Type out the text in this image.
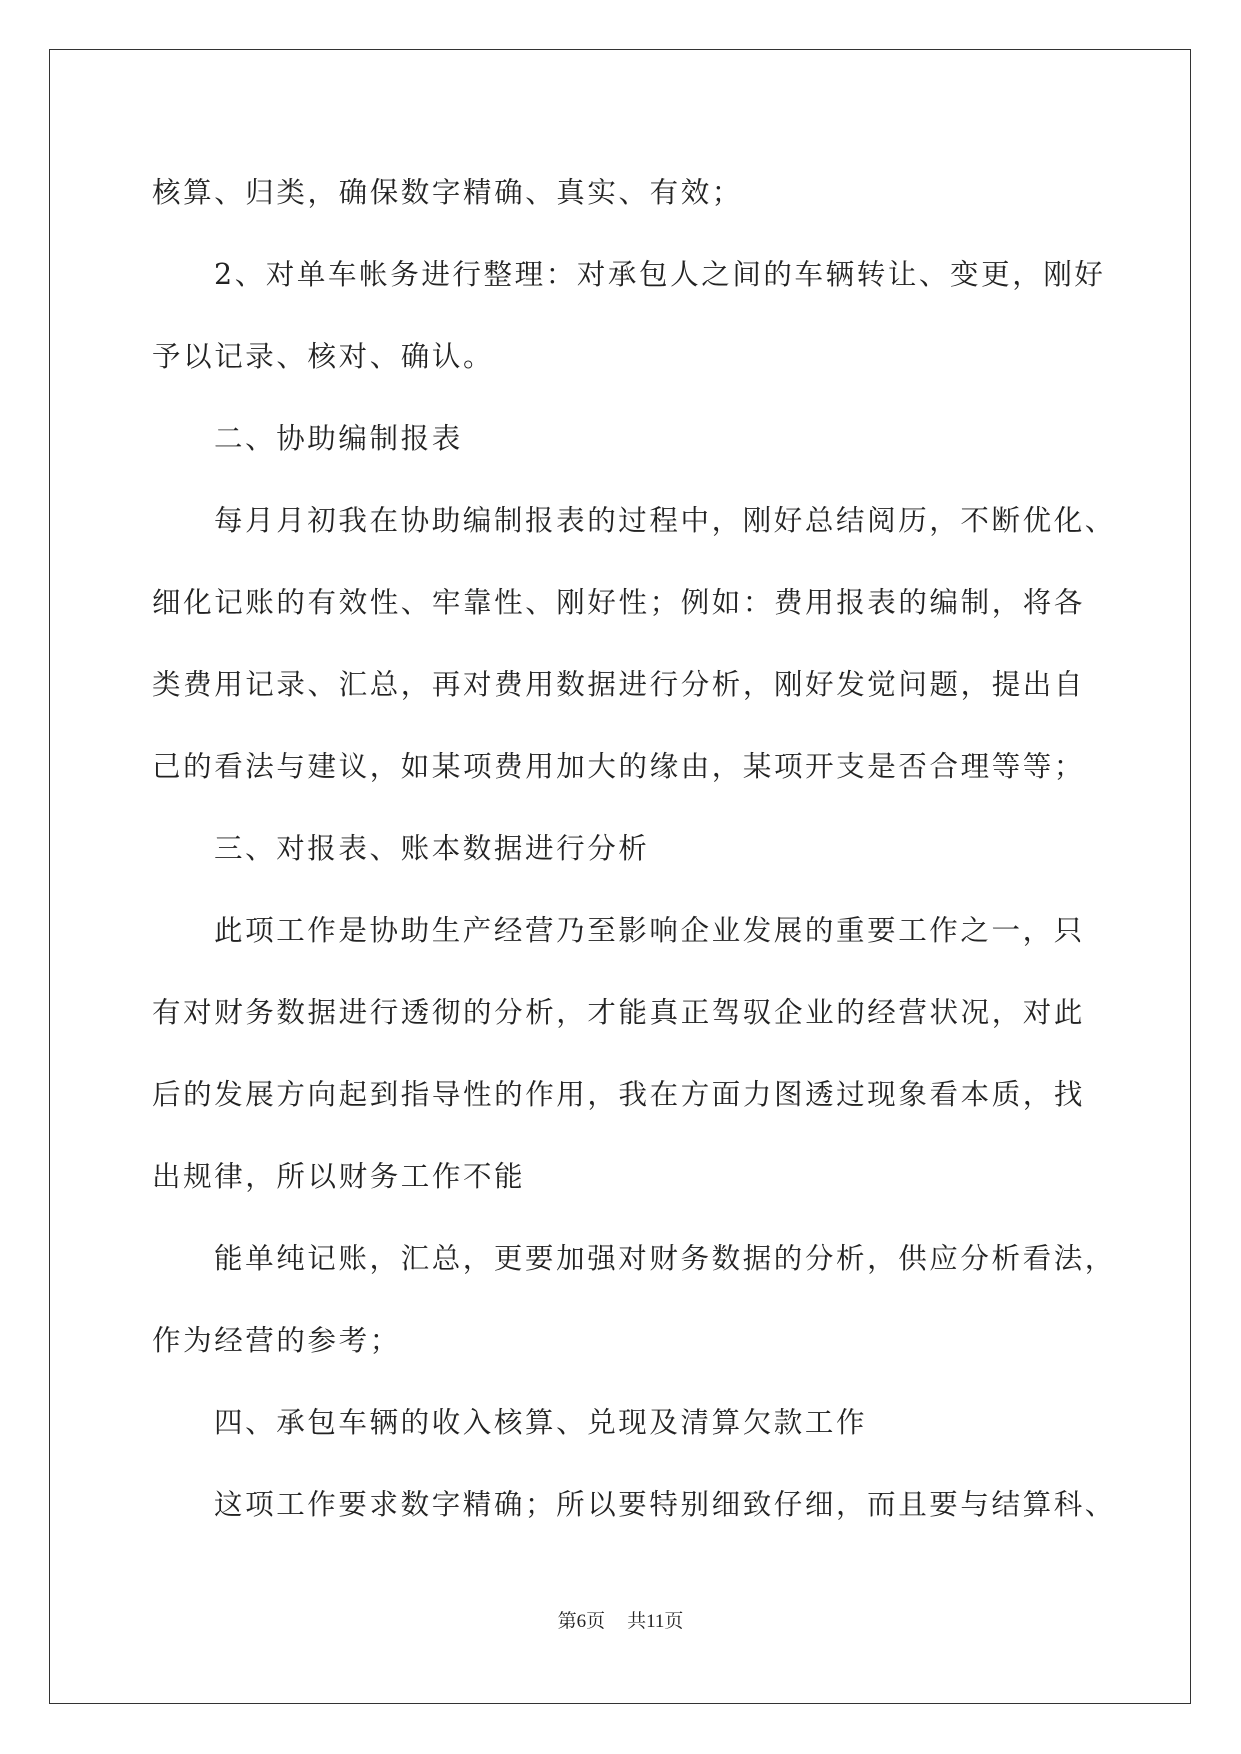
核算、归类，确保数字精确、真实、有效；
2、对单车帐务进行整理：对承包人之间的车辆转让、变更，刚好
予以记录、核对、确认。
二、协助编制报表
每月月初我在协助编制报表的过程中，刚好总结阅历，不断优化、
细化记账的有效性、牢靠性、刚好性；例如：费用报表的编制，将各
类费用记录、汇总，再对费用数据进行分析，刚好发觉问题，提出自
己的看法与建议，如某项费用加大的缘由，某项开支是否合理等等；
三、对报表、账本数据进行分析
此项工作是协助生产经营乃至影响企业发展的重要工作之一，只
有对财务数据进行透彻的分析，才能真正驾驭企业的经营状况，对此
后的发展方向起到指导性的作用，我在方面力图透过现象看本质，找
出规律，所以财务工作不能
能单纯记账，汇总，更要加强对财务数据的分析，供应分析看法，
作为经营的参考；
四、承包车辆的收入核算、兑现及清算欠款工作
这项工作要求数字精确；所以要特别细致仔细，而且要与结算科、
第6页 共11页
